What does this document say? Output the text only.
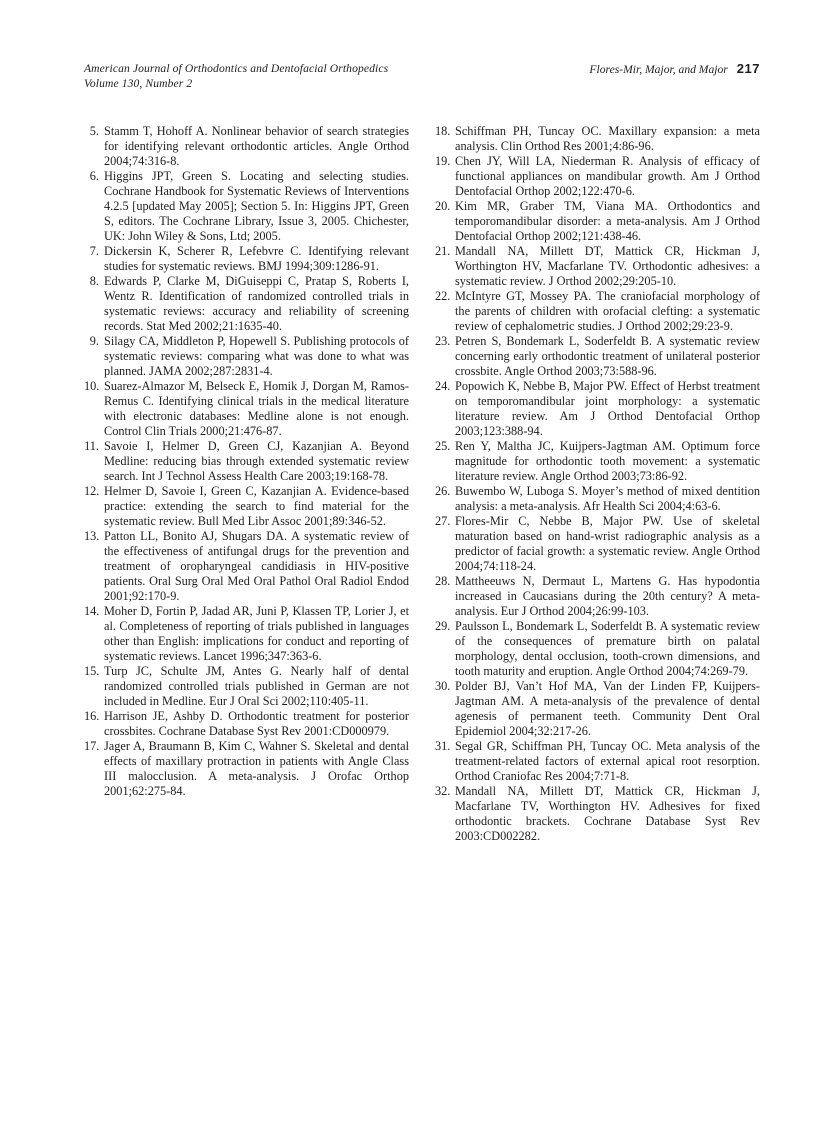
American Journal of Orthodontics and Dentofacial Orthopedics
Volume 130, Number 2
Flores-Mir, Major, and Major 217
5. Stamm T, Hohoff A. Nonlinear behavior of search strategies for identifying relevant orthodontic articles. Angle Orthod 2004;74:316-8.
6. Higgins JPT, Green S. Locating and selecting studies. Cochrane Handbook for Systematic Reviews of Interventions 4.2.5 [updated May 2005]; Section 5. In: Higgins JPT, Green S, editors. The Cochrane Library, Issue 3, 2005. Chichester, UK: John Wiley & Sons, Ltd; 2005.
7. Dickersin K, Scherer R, Lefebvre C. Identifying relevant studies for systematic reviews. BMJ 1994;309:1286-91.
8. Edwards P, Clarke M, DiGuiseppi C, Pratap S, Roberts I, Wentz R. Identification of randomized controlled trials in systematic reviews: accuracy and reliability of screening records. Stat Med 2002;21:1635-40.
9. Silagy CA, Middleton P, Hopewell S. Publishing protocols of systematic reviews: comparing what was done to what was planned. JAMA 2002;287:2831-4.
10. Suarez-Almazor M, Belseck E, Homik J, Dorgan M, Ramos-Remus C. Identifying clinical trials in the medical literature with electronic databases: Medline alone is not enough. Control Clin Trials 2000;21:476-87.
11. Savoie I, Helmer D, Green CJ, Kazanjian A. Beyond Medline: reducing bias through extended systematic review search. Int J Technol Assess Health Care 2003;19:168-78.
12. Helmer D, Savoie I, Green C, Kazanjian A. Evidence-based practice: extending the search to find material for the systematic review. Bull Med Libr Assoc 2001;89:346-52.
13. Patton LL, Bonito AJ, Shugars DA. A systematic review of the effectiveness of antifungal drugs for the prevention and treatment of oropharyngeal candidiasis in HIV-positive patients. Oral Surg Oral Med Oral Pathol Oral Radiol Endod 2001;92:170-9.
14. Moher D, Fortin P, Jadad AR, Juni P, Klassen TP, Lorier J, et al. Completeness of reporting of trials published in languages other than English: implications for conduct and reporting of systematic reviews. Lancet 1996;347:363-6.
15. Turp JC, Schulte JM, Antes G. Nearly half of dental randomized controlled trials published in German are not included in Medline. Eur J Oral Sci 2002;110:405-11.
16. Harrison JE, Ashby D. Orthodontic treatment for posterior crossbites. Cochrane Database Syst Rev 2001:CD000979.
17. Jager A, Braumann B, Kim C, Wahner S. Skeletal and dental effects of maxillary protraction in patients with Angle Class III malocclusion. A meta-analysis. J Orofac Orthop 2001;62:275-84.
18. Schiffman PH, Tuncay OC. Maxillary expansion: a meta analysis. Clin Orthod Res 2001;4:86-96.
19. Chen JY, Will LA, Niederman R. Analysis of efficacy of functional appliances on mandibular growth. Am J Orthod Dentofacial Orthop 2002;122:470-6.
20. Kim MR, Graber TM, Viana MA. Orthodontics and temporomandibular disorder: a meta-analysis. Am J Orthod Dentofacial Orthop 2002;121:438-46.
21. Mandall NA, Millett DT, Mattick CR, Hickman J, Worthington HV, Macfarlane TV. Orthodontic adhesives: a systematic review. J Orthod 2002;29:205-10.
22. McIntyre GT, Mossey PA. The craniofacial morphology of the parents of children with orofacial clefting: a systematic review of cephalometric studies. J Orthod 2002;29:23-9.
23. Petren S, Bondemark L, Soderfeldt B. A systematic review concerning early orthodontic treatment of unilateral posterior crossbite. Angle Orthod 2003;73:588-96.
24. Popowich K, Nebbe B, Major PW. Effect of Herbst treatment on temporomandibular joint morphology: a systematic literature review. Am J Orthod Dentofacial Orthop 2003;123:388-94.
25. Ren Y, Maltha JC, Kuijpers-Jagtman AM. Optimum force magnitude for orthodontic tooth movement: a systematic literature review. Angle Orthod 2003;73:86-92.
26. Buwembo W, Luboga S. Moyer’s method of mixed dentition analysis: a meta-analysis. Afr Health Sci 2004;4:63-6.
27. Flores-Mir C, Nebbe B, Major PW. Use of skeletal maturation based on hand-wrist radiographic analysis as a predictor of facial growth: a systematic review. Angle Orthod 2004;74:118-24.
28. Mattheeuws N, Dermaut L, Martens G. Has hypodontia increased in Caucasians during the 20th century? A meta-analysis. Eur J Orthod 2004;26:99-103.
29. Paulsson L, Bondemark L, Soderfeldt B. A systematic review of the consequences of premature birth on palatal morphology, dental occlusion, tooth-crown dimensions, and tooth maturity and eruption. Angle Orthod 2004;74:269-79.
30. Polder BJ, Van’t Hof MA, Van der Linden FP, Kuijpers-Jagtman AM. A meta-analysis of the prevalence of dental agenesis of permanent teeth. Community Dent Oral Epidemiol 2004;32:217-26.
31. Segal GR, Schiffman PH, Tuncay OC. Meta analysis of the treatment-related factors of external apical root resorption. Orthod Craniofac Res 2004;7:71-8.
32. Mandall NA, Millett DT, Mattick CR, Hickman J, Macfarlane TV, Worthington HV. Adhesives for fixed orthodontic brackets. Cochrane Database Syst Rev 2003:CD002282.
